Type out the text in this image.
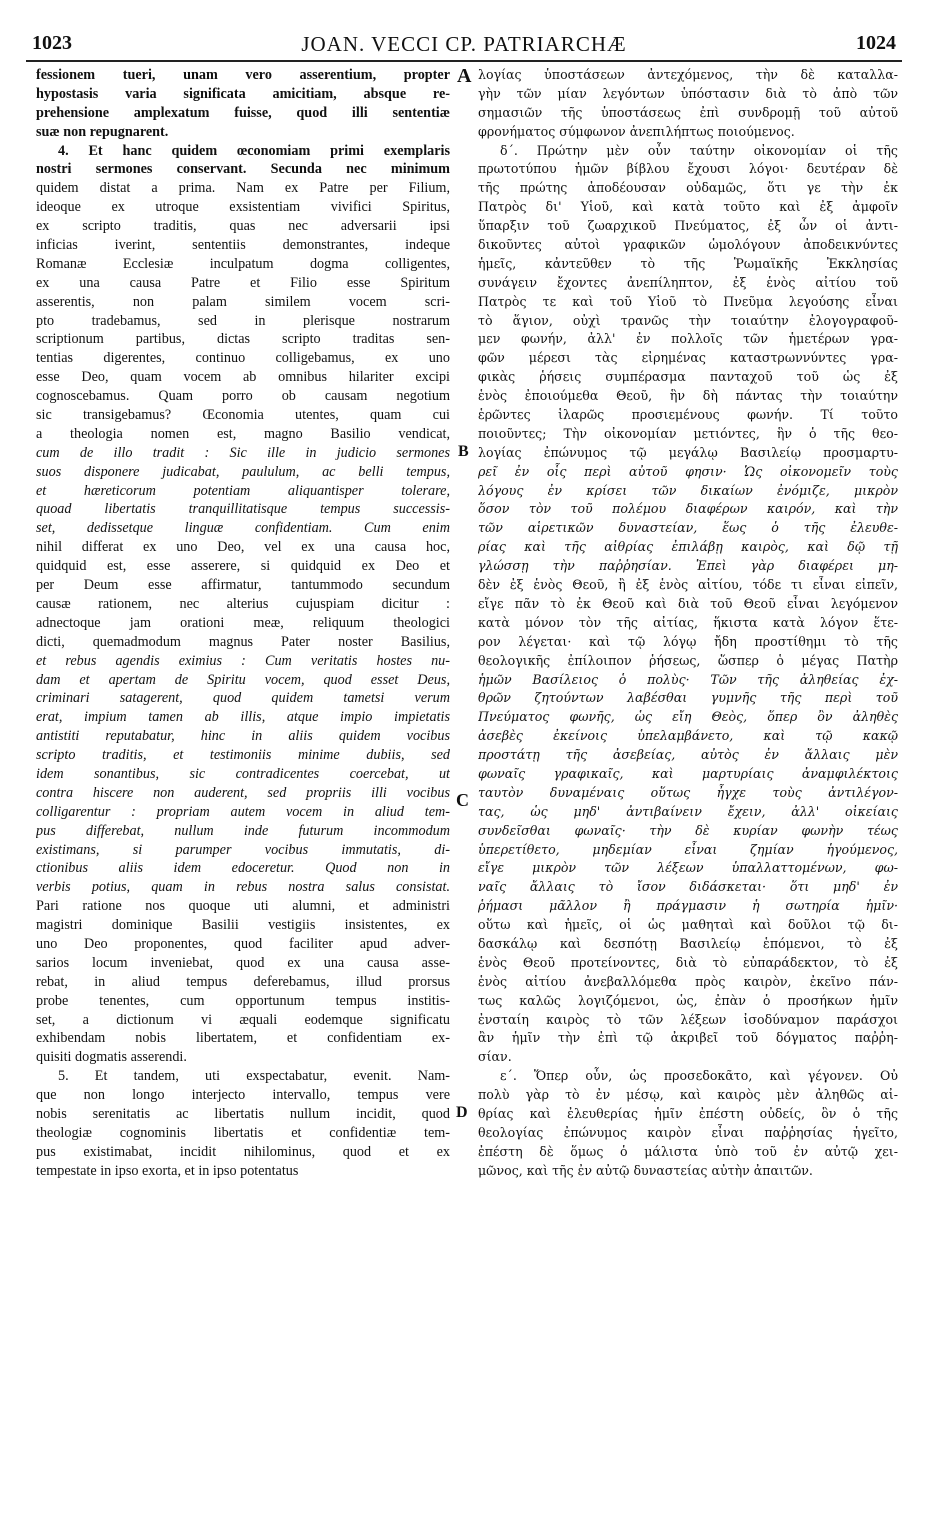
1023	JOAN. VECCI CP. PATRIARCHÆ	1024
fessionem tueri, unam vero asserentium, propter
hypostasis varia significata amicitiam, absque re-
prehensione amplexatum fuisse, quod illi sententiæ
suæ non repugnarent.
4. Et hanc quidem œconomiam primi exemplaris
nostri sermones conservant. Secunda nec minimum
quidem distat a prima. Nam ex Patre per Filium,
ideoque ex utroque exsistentiam vivifici Spiritus,
ex scripto traditis, quas nec adversarii ipsi
inficias iverint, sententiis demonstrantes, indeque
Romanæ Ecclesiæ inculpatum dogma colligentes,
ex una causa Patre et Filio esse Spiritum
asserentis, non palam similem vocem scri-
pto tradebamus, sed in plerisque nostrarum
scriptionum partibus, dictas scripto traditas sen-
tentias digerentes, continuo colligebamus, ex uno
esse Deo, quam vocem ab omnibus hilariter excipi
cognoscebamus. Quam porro ob causam negotium
sic transigebamus? Œconomia utentes, quam cui
a theologia nomen est, magno Basilio vendicat,
cum de illo tradit : Sic ille in judicio sermones
suos disponere judicabat, paululum, ac belli tempus,
et hæreticorum potentiam aliquantisper tolerare,
quoad libertatis tranquillitatisque tempus successis-
set, dedissetque linguæ confidentiam. Cum enim
nihil differat ex uno Deo, vel ex una causa hoc,
quidquid est, esse asserere, si quidquid ex Deo et
per Deum esse affirmatur, tantummodo secundum
causæ rationem, nec alterius cujuspiam dicitur :
adnectoque jam orationi meæ, reliquum theologici
dicti, quemadmodum magnus Pater noster Basilius,
et rebus agendis eximius : Cum veritatis hostes nu-
dam et apertam de Spiritu vocem, quod esset Deus,
criminari satagerent, quod quidem tametsi verum
erat, impium tamen ab illis, atque impio impietatis
antistiti reputabatur, hinc in aliis quidem vocibus
scripto traditis, et testimoniis minime dubiis, sed
idem sonantibus, sic contradicentes coercebat, ut
contra hiscere non auderent, sed propriis illi vocibus
colligarentur : propriam autem vocem in aliud tem-
pus differebat, nullum inde futurum incommodum
existimans, si parumper vocibus immutatis, di-
ctionibus aliis idem edoceretur. Quod non in
verbis potius, quam in rebus nostra salus consistat.
Pari ratione nos quoque uti alumni, et administri
magistri dominique Basilii vestigiis insistentes, ex
uno Deo proponentes, quod faciliter apud adver-
sarios locum inveniebat, quod ex una causa asse-
rebat, in aliud tempus deferebamus, illud prorsus
probe tenentes, cum opportunum tempus institis-
set, a dictionum vi æquali eodemque significatu
exhibendam nobis libertatem, et confidentiam ex-
quisiti dogmatis asserendi.
5. Et tandem, uti exspectabatur, evenit. Nam-
que non longo interjecto intervallo, tempus vere
nobis serenitatis ac libertatis nullum incidit, quod
theologiæ cognominis libertatis et confidentiæ tem-
pus existimabat, incidit nihilominus, quod et ex
tempestate in ipso exorta, et in ipso potentatus
λογίας ὑποστάσεων ἀντεχόμενος, τὴν δὲ καταλλα-
γὴν τῶν μίαν λεγόντων ὑπόστασιν διὰ τὸ ἀπὸ τῶν
σημασιῶν τῆς ὑποστάσεως ἐπὶ συνδρομῇ τοῦ αὐτοῦ
φρονήματος σύμφωνον ἀνεπιλήπτως ποιούμενος.
δ΄. Πρώτην μὲν οὖν ταύτην οἰκονομίαν οἱ τῆς
πρωτοτύπου ἡμῶν βίβλου ἔχουσι λόγοι· δευτέραν δὲ
τῆς πρώτης ἀποδέουσαν οὐδαμῶς, ὅτι γε τὴν ἐκ
Πατρὸς δι' Υἱοῦ, καὶ κατὰ τοῦτο καὶ ἐξ ἀμφοῖν
ὕπαρξιν τοῦ ζωαρχικοῦ Πνεύματος, ἐξ ὧν οἱ ἀντι-
δικοῦντες αὐτοὶ γραφικῶν ὡμολόγουν ἀποδεικνύντες
ἡμεῖς, κἀντεῦθεν τὸ τῆς Ῥωμαϊκῆς Ἐκκλησίας
συνάγειν ἔχοντες ἀνεπίληπτον, ἐξ ἑνὸς αἰτίου τοῦ
Πατρὸς τε καὶ τοῦ Υἱοῦ τὸ Πνεῦμα λεγούσης εἶναι
τὸ ἅγιον, οὐχὶ τρανῶς τὴν τοιαύτην ἐλογογραφοῦ-
μεν φωνήν, ἀλλ' ἐν πολλοῖς τῶν ἡμετέρων γρα-
φῶν μέρεσι τὰς εἰρημένας καταστρωννύντες γρα-
φικὰς ῥήσεις συμπέρασμα πανταχοῦ τοῦ ὡς ἐξ
ἑνὸς ἐποιούμεθα Θεοῦ, ἣν δὴ πάντας τὴν τοιαύτην
ἑρῶντες ἱλαρῶς προσιεμένους φωνήν. Τί τοῦτο
ποιοῦντες; Τὴν οἰκονομίαν μετιόντες, ἣν ὁ τῆς θεο-
λογίας ἐπώνυμος τῷ μεγάλῳ Βασιλείῳ προσμαρτυ-
ρεῖ ἐν οἷς περὶ αὐτοῦ φησιν· Ὡς οἰκονομεῖν τοὺς
λόγους ἐν κρίσει τῶν δικαίων ἐνόμιζε, μικρὸν
ὅσον τὸν τοῦ πολέμου διαφέρων καιρόν, καὶ τὴν
τῶν αἱρετικῶν δυναστείαν, ἕως ὁ τῆς ἐλευθε-
ρίας καὶ τῆς αἰθρίας ἐπιλάβῃ καιρὸς, καὶ δῷ τῇ
γλώσσῃ τὴν παῤῥησίαν. Ἐπεὶ γὰρ διαφέρει μη-
δὲν ἐξ ἑνὸς Θεοῦ, ἢ ἐξ ἑνὸς αἰτίου, τόδε τι εἶναι εἰπεῖν,
εἴγε πᾶν τὸ ἐκ Θεοῦ καὶ διὰ τοῦ Θεοῦ εἶναι λεγόμενον
κατὰ μόνον τὸν τῆς αἰτίας, ἥκιστα κατὰ λόγον ἕτε-
ρον λέγεται· καὶ τῷ λόγῳ ἤδη προστίθημι τὸ τῆς
θεολογικῆς ἐπίλοιπον ῥήσεως, ὥσπερ ὁ μέγας Πατὴρ
ἡμῶν Βασίλειος ὁ πολὺς· Τῶν τῆς ἀληθείας ἐχ-
θρῶν ζητούντων λαβέσθαι γυμνῆς τῆς περὶ τοῦ
Πνεύματος φωνῆς, ὡς εἴη Θεὸς, ὅπερ ὂν ἀληθὲς
ἀσεβὲς ἐκείνοις ὑπελαμβάνετο, καὶ τῷ κακῷ
προστάτῃ τῆς ἀσεβείας, αὐτὸς ἐν ἄλλαις μὲν
φωναῖς γραφικαῖς, καὶ μαρτυρίαις ἀναμφιλέκτοις
ταυτὸν δυναμέναις οὕτως ἦγχε τοὺς ἀντιλέγον-
τας, ὡς μηδ' ἀντιβαίνειν ἔχειν, ἀλλ' οἰκείαις
συνδεῖσθαι φωναῖς· τὴν δὲ κυρίαν φωνὴν τέως
ὑπερετίθετο, μηδεμίαν εἶναι ζημίαν ἡγούμενος,
εἴγε μικρὸν τῶν λέξεων ὑπαλλαττομένων, φω-
ναῖς ἄλλαις τὸ ἴσον διδάσκεται· ὅτι μηδ' ἐν
ῥήμασι μᾶλλον ἢ πράγμασιν ἡ σωτηρία ἡμῖν·
οὕτω καὶ ἡμεῖς, οἱ ὡς μαθηταὶ καὶ δοῦλοι τῷ δι-
δασκάλῳ καὶ δεσπότῃ Βασιλείῳ ἑπόμενοι, τὸ ἐξ
ἑνὸς Θεοῦ προτείνοντες, διὰ τὸ εὐπαράδεκτον, τὸ ἐξ
ἑνὸς αἰτίου ἀνεβαλλόμεθα πρὸς καιρὸν, ἐκεῖνο πάν-
τως καλῶς λογιζόμενοι, ὡς, ἐπὰν ὁ προσήκων ἡμῖν
ἐνσταίη καιρὸς τὸ τῶν λέξεων ἰσοδύναμον παράσχοι
ἂν ἡμῖν τὴν ἐπὶ τῷ ἀκριβεῖ τοῦ δόγματος παῤῥη-
σίαν.
ε΄. Ὅπερ οὖν, ὡς προσεδοκᾶτο, καὶ γέγονεν. Οὐ
πολὺ γὰρ τὸ ἐν μέσῳ, καὶ καιρὸς μὲν ἀληθῶς αἰ-
θρίας καὶ ἐλευθερίας ἡμῖν ἐπέστη οὐδείς, ὃν ὁ τῆς
θεολογίας ἐπώνυμος καιρὸν εἶναι παῤῥησίας ἡγεῖτο,
ἐπέστη δὲ ὅμως ὁ μάλιστα ὑπὸ τοῦ ἐν αὐτῷ χει-
μῶνος, καὶ τῆς ἐν αὐτῷ δυναστείας αὐτὴν ἀπαιτῶν.
A
B
C
D
